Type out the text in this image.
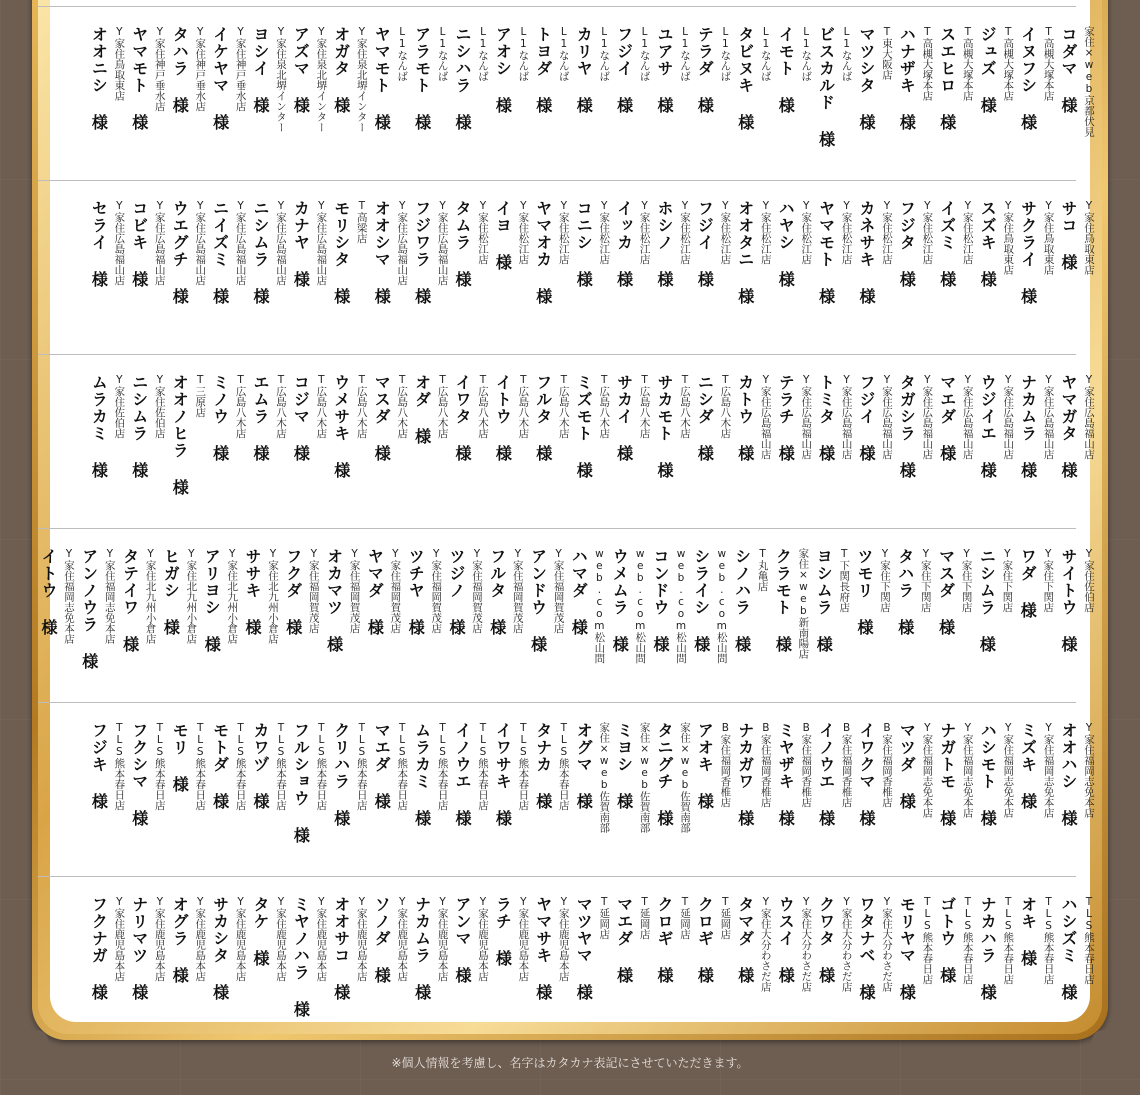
家住×web京都伏見
コダマ 様
T高槻大塚本店
イヌフシ 様
T高槻大塚本店
ジュズ 様
T高槻大塚本店
スエヒロ 様
T高槻大塚本店
ハナザキ 様
T東大阪店
マツシタ 様
L1なんば
ビスカルド 様
L1なんば
イモト 様
L1なんば
タビヌキ 様
L1なんば
テラダ 様
L1なんば
ユアサ 様
L1なんば
フジイ 様
L1なんば
カリヤ 様
L1なんば
トヨダ 様
L1なんば
アオシ 様
L1なんば
ニシハラ 様
L1なんば
アラモト 様
L1なんば
ヤマモト 様
Y家住泉北堺インター
オガタ 様
Y家住泉北堺インター
アズマ 様
Y家住泉北堺インター
ヨシイ 様
Y家住神戸垂水店
イケヤマ 様
Y家住神戸垂水店
タハラ 様
Y家住神戸垂水店
ヤマモト 様
Y家住鳥取東店
オオニシ 様
Y家住鳥取東店
サコ 様
Y家住鳥取東店
サクライ 様
Y家住鳥取東店
スズキ 様
Y家住松江店
イズミ 様
Y家住松江店
フジタ 様
Y家住松江店
カネサキ 様
Y家住松江店
ヤマモト 様
Y家住松江店
ハヤシ 様
Y家住松江店
オオタニ 様
Y家住松江店
フジイ 様
Y家住松江店
ホシノ 様
Y家住松江店
イッカ 様
Y家住松江店
コニシ 様
Y家住松江店
ヤマオカ 様
Y家住松江店
イヨ 様
Y家住松江店
タムラ 様
Y家住広島福山店
フジワラ 様
Y家住広島福山店
オオシマ 様
T高梁店
モリシタ 様
Y家住広島福山店
カナヤ 様
Y家住広島福山店
ニシムラ 様
Y家住広島福山店
ニイズミ 様
Y家住広島福山店
ウエグチ 様
Y家住広島福山店
コビキ 様
Y家住広島福山店
セライ 様
Y家住広島福山店
ヤマガタ 様
Y家住広島福山店
ナカムラ 様
Y家住広島福山店
ウジイエ 様
Y家住広島福山店
マエダ 様
Y家住広島福山店
タガシラ 様
Y家住広島福山店
フジイ 様
Y家住広島福山店
トミタ 様
Y家住広島福山店
テラチ 様
Y家住広島福山店
カトウ 様
T広島八木店
ニシダ 様
T広島八木店
サカモト 様
T広島八木店
サカイ 様
T広島八木店
ミズモト 様
T広島八木店
フルタ 様
T広島八木店
イトウ 様
T広島八木店
イワタ 様
T広島八木店
オダ 様
T広島八木店
マスダ 様
T広島八木店
ウメサキ 様
T広島八木店
コジマ 様
T広島八木店
エムラ 様
T広島八木店
ミノウ 様
T三原店
オオノヒラ 様
Y家住佐伯店
ニシムラ 様
Y家住佐伯店
ムラカミ 様
Y家住佐伯店
サイトウ 様
Y家住下関店
ワダ 様
Y家住下関店
ニシムラ 様
Y家住下関店
マスダ 様
Y家住下関店
タハラ 様
Y家住下関店
ツモリ 様
T下関長府店
ヨシムラ 様
家住×web新南陽店
クラモト 様
T丸亀店
シノハラ 様
web.com松山問
シライシ 様
web.com松山問
コンドウ 様
web.com松山問
ウメムラ 様
web.com松山問
ハマダ 様
Y家住福岡賀茂店
アンドウ 様
Y家住福岡賀茂店
フルタ 様
Y家住福岡賀茂店
ツジノ 様
Y家住福岡賀茂店
ツチヤ 様
Y家住福岡賀茂店
ヤマダ 様
Y家住福岡賀茂店
オカマツ 様
Y家住福岡賀茂店
フクダ 様
Y家住北九州小倉店
ササキ 様
Y家住北九州小倉店
アリヨシ 様
Y家住北九州小倉店
ヒガシ 様
Y家住北九州小倉店
タテイワ 様
Y家住福岡志免本店
アンノウラ 様
Y家住福岡志免本店
イトウ 様
Y家住福岡志免本店
オオハシ 様
Y家住福岡志免本店
ミズキ 様
Y家住福岡志免本店
ハシモト 様
Y家住福岡志免本店
ナガトモ 様
Y家住福岡志免本店
マツダ 様
B家住福岡香椎店
イワクマ 様
B家住福岡香椎店
イノウエ 様
B家住福岡香椎店
ミヤザキ 様
B家住福岡香椎店
ナカガワ 様
B家住福岡香椎店
アオキ 様
家住×web佐賀南部
タニグチ 様
家住×web佐賀南部
ミヨシ 様
家住×web佐賀南部
オグマ 様
TLS熊本春日店
タナカ 様
TLS熊本春日店
イワサキ 様
TLS熊本春日店
イノウエ 様
TLS熊本春日店
ムラカミ 様
TLS熊本春日店
マエダ 様
TLS熊本春日店
クリハラ 様
TLS熊本春日店
フルショウ 様
TLS熊本春日店
カワヅ 様
TLS熊本春日店
モトダ 様
TLS熊本春日店
モリ 様
TLS熊本春日店
フクシマ 様
TLS熊本春日店
フジキ 様
TLS熊本春日店
ハシズミ 様
TLS熊本春日店
オキ 様
TLS熊本春日店
ナカハラ 様
TLS熊本春日店
ゴトウ 様
TLS熊本春日店
モリヤマ 様
Y家住大分わさだ店
ワタナベ 様
Y家住大分わさだ店
クワタ 様
Y家住大分わさだ店
ウスイ 様
Y家住大分わさだ店
タマダ 様
T延岡店
クロギ 様
T延岡店
クロギ 様
T延岡店
マエダ 様
T延岡店
マツヤマ 様
Y家住鹿児島本店
ヤマサキ 様
Y家住鹿児島本店
ラチ 様
Y家住鹿児島本店
アンマ 様
Y家住鹿児島本店
ナカムラ 様
Y家住鹿児島本店
ソノダ 様
Y家住鹿児島本店
オオサコ 様
Y家住鹿児島本店
ミヤノハラ 様
Y家住鹿児島本店
タケ 様
Y家住鹿児島本店
サカシタ 様
Y家住鹿児島本店
オグラ 様
Y家住鹿児島本店
ナリマツ 様
Y家住鹿児島本店
フクナガ 様
※個人情報を考慮し、名字はカタカナ表記にさせていただきます。
